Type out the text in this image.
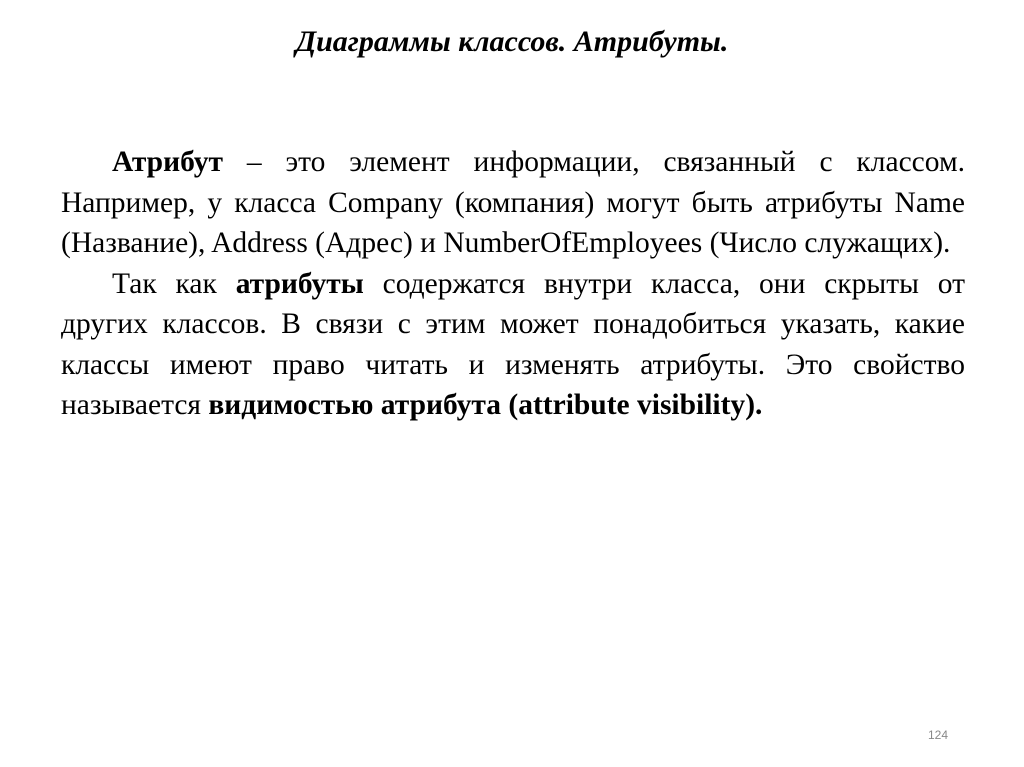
Диаграммы классов. Атрибуты.

Атрибут – это элемент информации, связанный с классом. Например, у класса Company (компания) могут быть атрибуты Name (Название), Address (Адрес) и NumberOfEmployees (Число служащих).

Так как атрибуты содержатся внутри класса, они скрыты от других классов. В связи с этим может понадобиться указать, какие классы имеют право читать и изменять атрибуты. Это свойство называется видимостью атрибута (attribute visibility).

124
